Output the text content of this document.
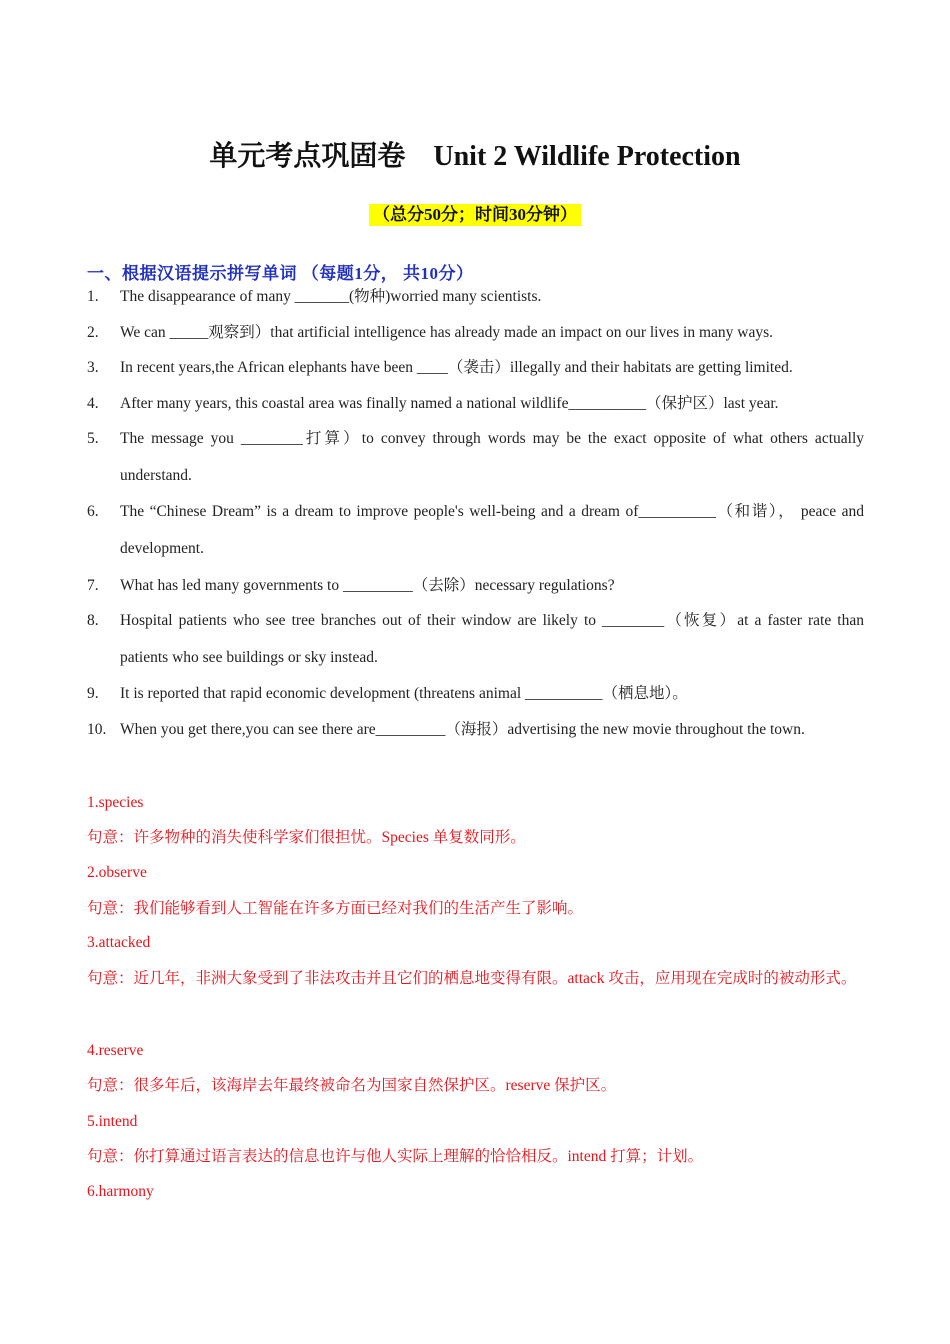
单元考点巩固卷　Unit 2 Wildlife Protection
（总分50分；时间30分钟）
一、根据汉语提示拼写单词 （每题1分， 共10分）
1. The disappearance of many _______(物种)worried many scientists.
2. We can _____观察到）that artificial intelligence has already made an impact on our lives in many ways.
3. In recent years,the African elephants have been ____（袭击）illegally and their habitats are getting limited.
4. After many years, this coastal area was finally named a national wildlife__________（保护区）last year.
5. The message you ________打算）to convey through words may be the exact opposite of what others actually understand.
6. The “Chinese Dream” is a dream to improve people's well-being and a dream of__________（和谐）， peace and development.
7. What has led many governments to _________（去除）necessary regulations?
8. Hospital patients who see tree branches out of their window are likely to ________（恢复）at a faster rate than patients who see buildings or sky instead.
9. It is reported that rapid economic development (threatens animal __________（栖息地）。
10. When you get there,you can see there are_________（海报）advertising the new movie throughout the town.
1.species
句意：许多物种的消失使科学家们很担忧。Species 单复数同形。
2.observe
句意：我们能够看到人工智能在许多方面已经对我们的生活产生了影响。
3.attacked
句意：近几年，非洲大象受到了非法攻击并且它们的栖息地变得有限。attack 攻击，应用现在完成时的被动形式。
4.reserve
句意：很多年后，该海岸去年最终被命名为国家自然保护区。reserve 保护区。
5.intend
句意：你打算通过语言表达的信息也许与他人实际上理解的恰恰相反。intend 打算；计划。
6.harmony
